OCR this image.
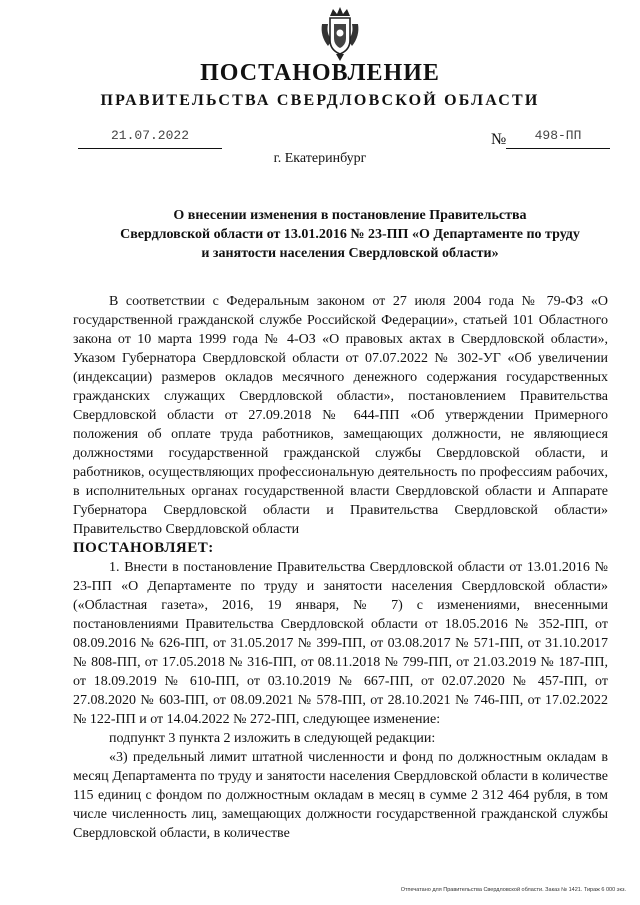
ПОСТАНОВЛЕНИЕ
ПРАВИТЕЛЬСТВА СВЕРДЛОВСКОЙ ОБЛАСТИ
21.07.2022	№	498-ПП
г. Екатеринбург
О внесении изменения в постановление Правительства
Свердловской области от 13.01.2016 № 23-ПП «О Департаменте по труду
и занятости населения Свердловской области»

В соответствии с Федеральным законом от 27 июля 2004 года № 79-ФЗ «О государственной гражданской службе Российской Федерации», статьей 101 Областного закона от 10 марта 1999 года № 4-ОЗ «О правовых актах в Свердловской области», Указом Губернатора Свердловской области от 07.07.2022 № 302-УГ «Об увеличении (индексации) размеров окладов месячного денежного содержания государственных гражданских служащих Свердловской области», постановлением Правительства Свердловской области от 27.09.2018 № 644-ПП «Об утверждении Примерного положения об оплате труда работников, замещающих должности, не являющиеся должностями государственной гражданской службы Свердловской области, и работников, осуществляющих профессиональную деятельность по профессиям рабочих, в исполнительных органах государственной власти Свердловской области и Аппарате Губернатора Свердловской области и Правительства Свердловской области» Правительство Свердловской области

ПОСТАНОВЛЯЕТ:

1. Внести в постановление Правительства Свердловской области от 13.01.2016 № 23-ПП «О Департаменте по труду и занятости населения Свердловской области» («Областная газета», 2016, 19 января, № 7) с изменениями, внесенными постановлениями Правительства Свердловской области от 18.05.2016 № 352-ПП, от 08.09.2016 № 626-ПП, от 31.05.2017 № 399-ПП, от 03.08.2017 № 571-ПП, от 31.10.2017 № 808-ПП, от 17.05.2018 № 316-ПП, от 08.11.2018 № 799-ПП, от 21.03.2019 № 187-ПП, от 18.09.2019 № 610-ПП, от 03.10.2019 № 667-ПП, от 02.07.2020 № 457-ПП, от 27.08.2020 № 603-ПП, от 08.09.2021 № 578-ПП, от 28.10.2021 № 746-ПП, от 17.02.2022 № 122-ПП и от 14.04.2022 № 272-ПП, следующее изменение:

подпункт 3 пункта 2 изложить в следующей редакции:

«3) предельный лимит штатной численности и фонд по должностным окладам в месяц Департамента по труду и занятости населения Свердловской области в количестве 115 единиц с фондом по должностным окладам в месяц в сумме 2 312 464 рубля, в том числе численность лиц, замещающих должности государственной гражданской службы Свердловской области, в количестве

Отпечатано для Правительства Свердловской области. Заказ № 1421. Тираж 6 000 экз.
